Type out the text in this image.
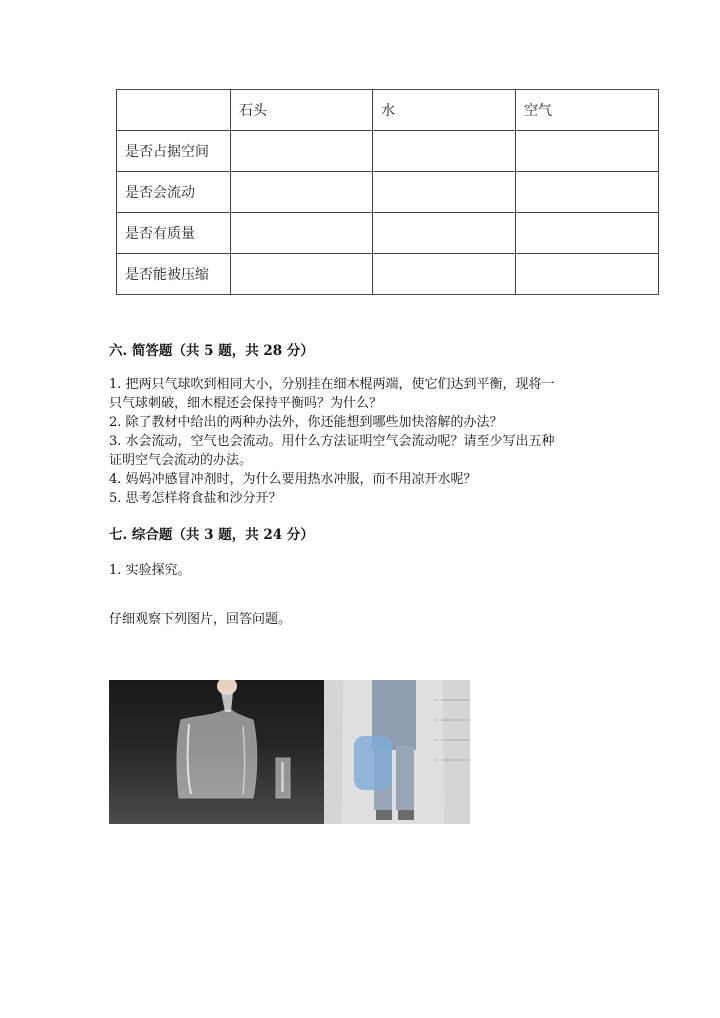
	石头	水	空气
是否占据空间			
是否会流动			
是否有质量			
是否能被压缩			
六. 简答题（共 5 题，共 28 分）
1. 把两只气球吹到相同大小，分别挂在细木棍两端，使它们达到平衡，现将一
只气球刺破，细木棍还会保持平衡吗？为什么？
2. 除了教材中给出的两种办法外，你还能想到哪些加快溶解的办法？
3. 水会流动，空气也会流动。用什么方法证明空气会流动呢？请至少写出五种
证明空气会流动的办法。
4. 妈妈冲感冒冲剂时，为什么要用热水冲服，而不用凉开水呢？
5. 思考怎样将食盐和沙分开？
七. 综合题（共 3 题，共 24 分）
1. 实验探究。
仔细观察下列图片，回答问题。
